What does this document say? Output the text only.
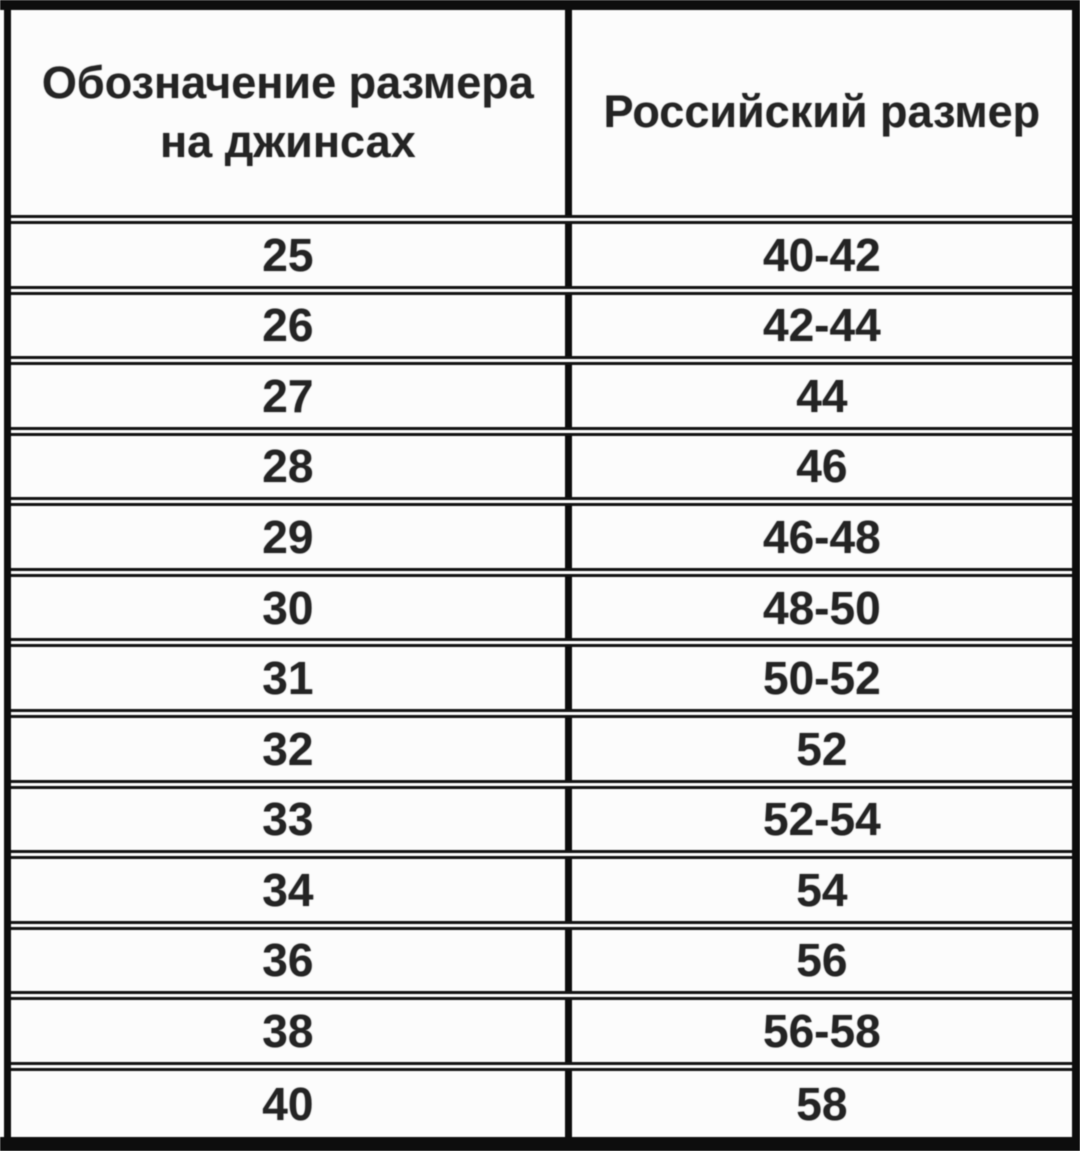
Обозначение размера
на джинсах	Российский размер
25	40-42
26	42-44
27	44
28	46
29	46-48
30	48-50
31	50-52
32	52
33	52-54
34	54
36	56
38	56-58
40	58
